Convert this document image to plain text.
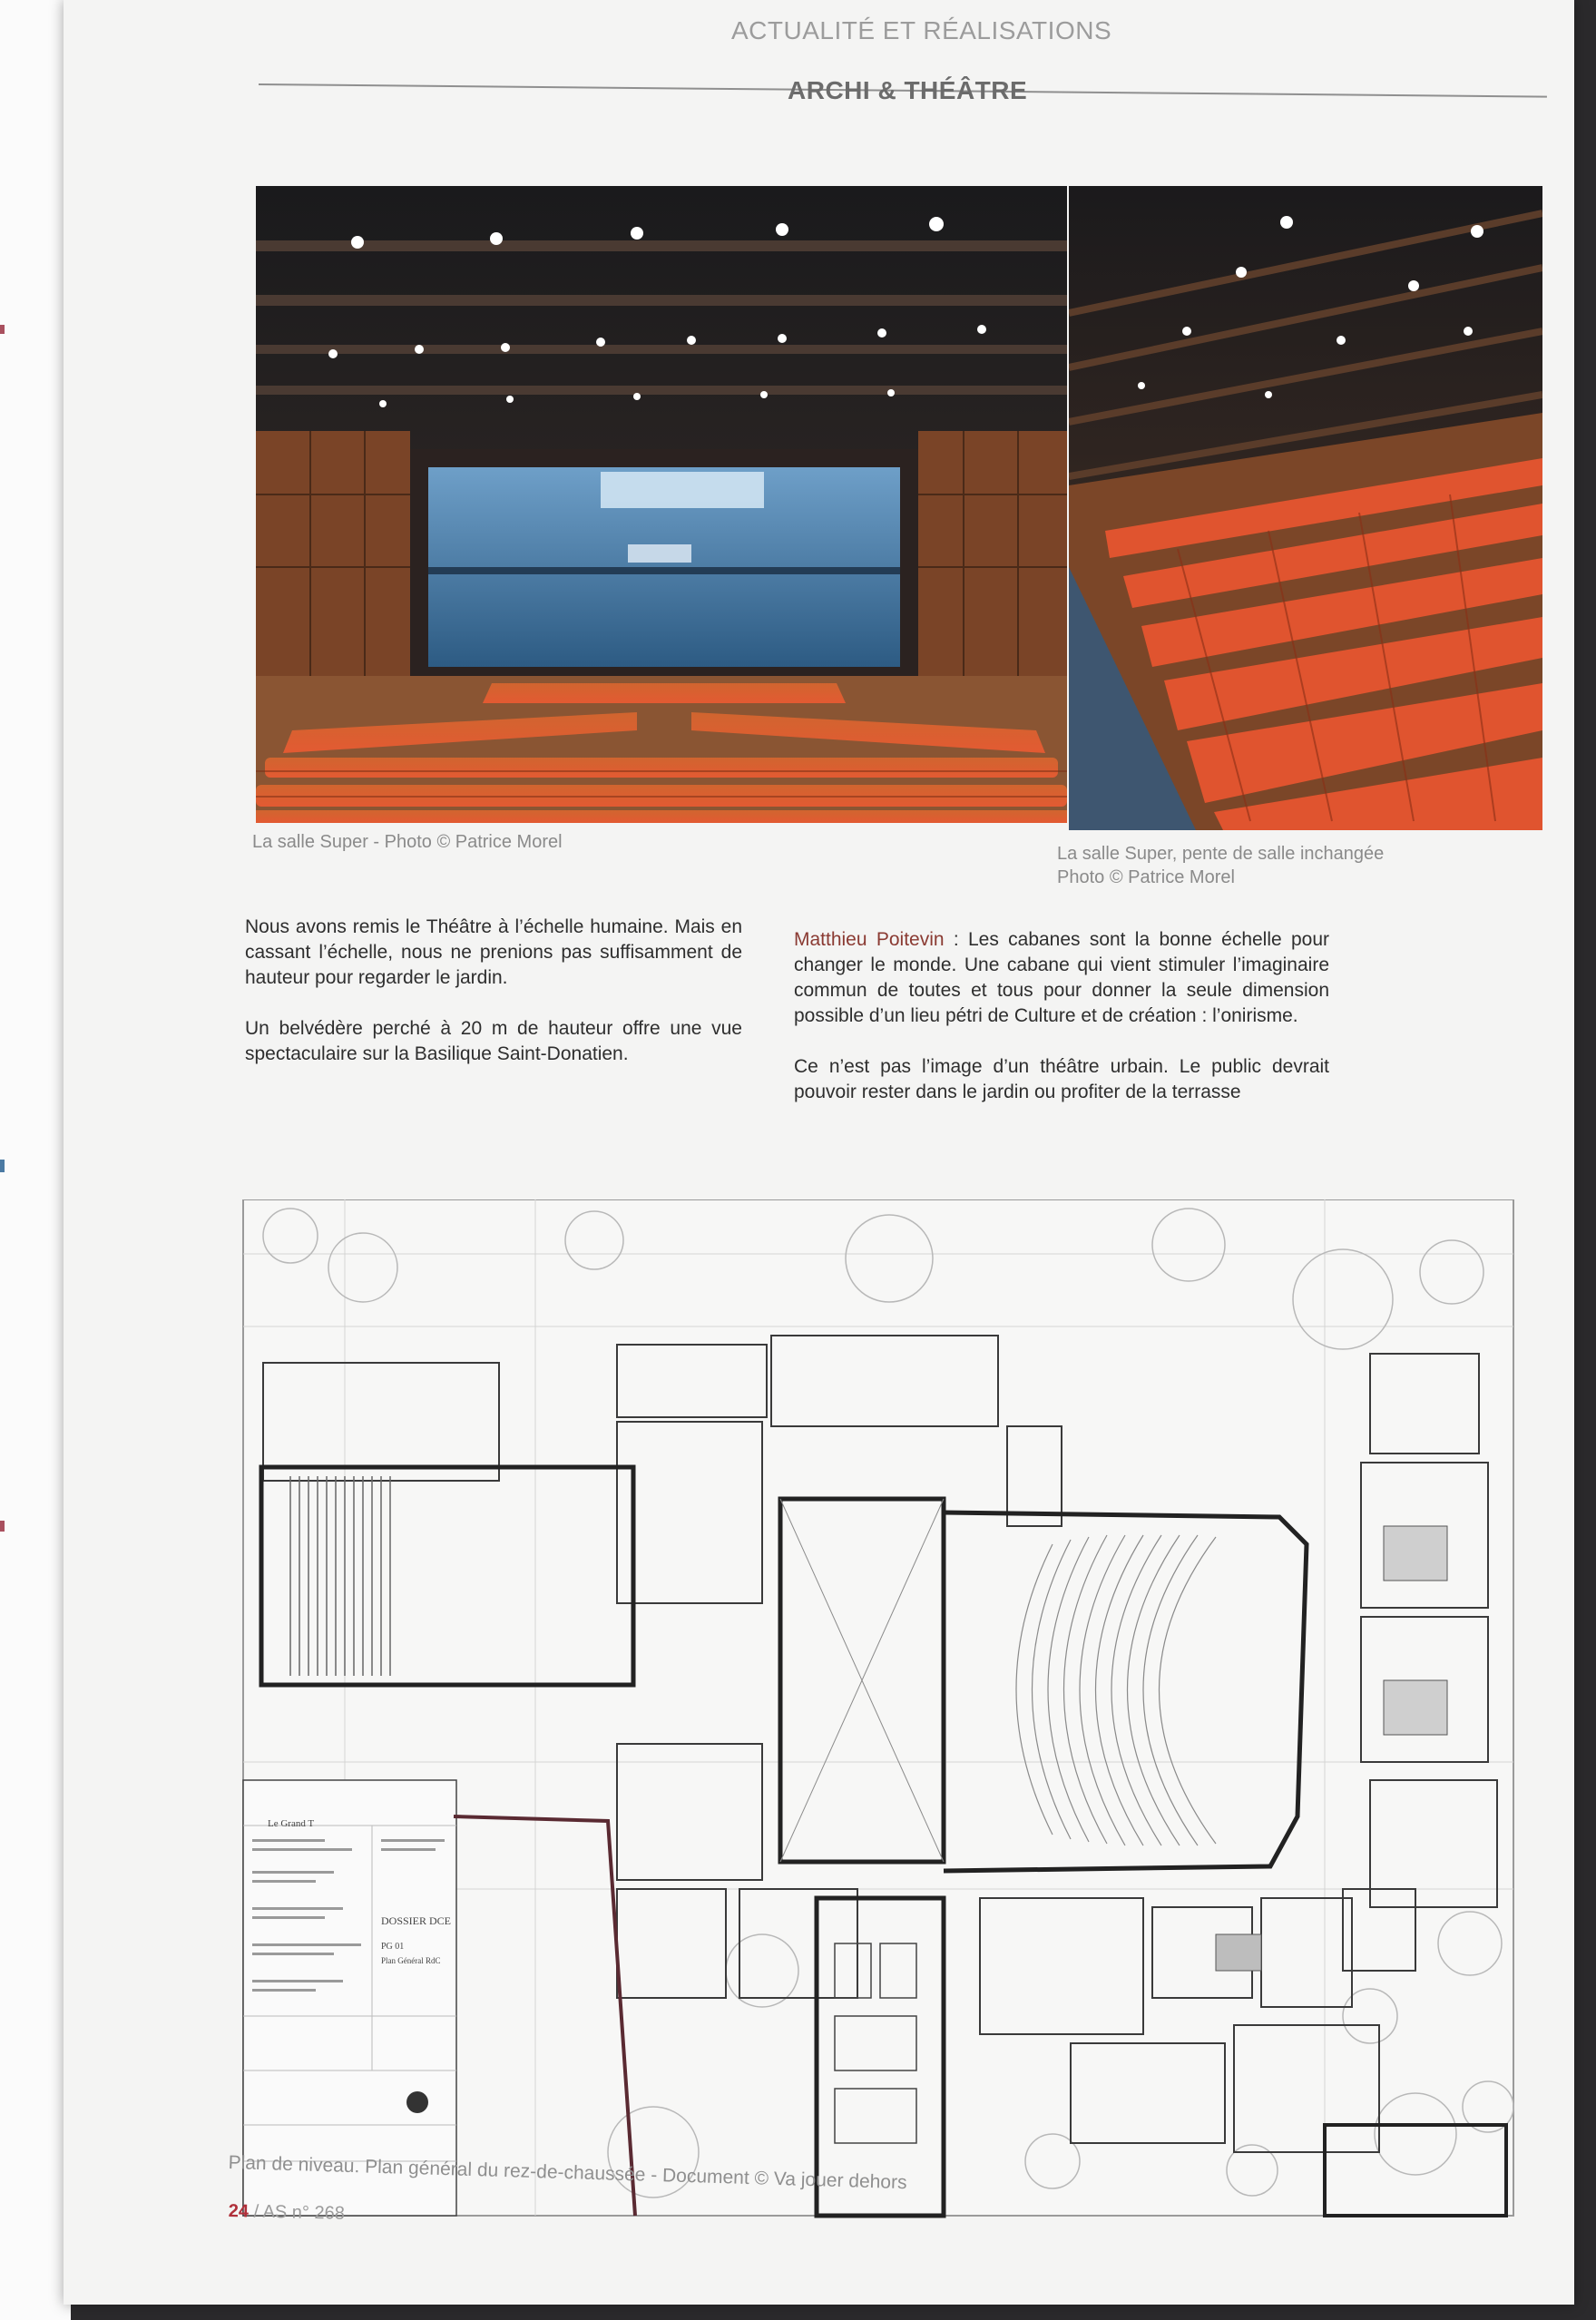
ACTUALITÉ ET RÉALISATIONS
ARCHI & THÉÂTRE
La salle Super - Photo © Patrice Morel
La salle Super, pente de salle inchangée
Photo © Patrice Morel

Nous avons remis le Théâtre à l’échelle humaine. Mais en cassant l’échelle, nous ne prenions pas suffisamment de hauteur pour regarder le jardin.

Un belvédère perché à 20 m de hauteur offre une vue spectaculaire sur la Basilique Saint-Donatien.

Matthieu Poitevin : Les cabanes sont la bonne échelle pour changer le monde. Une cabane qui vient stimuler l’imaginaire commun de toutes et tous pour donner la seule dimension possible d’un lieu pétri de Culture et de création : l’onirisme.

Ce n’est pas l’image d’un théâtre urbain. Le public devrait pouvoir rester dans le jardin ou profiter de la terrasse

Le Grand T
DOSSIER DCE
PG 01
Plan Général RdC
Plan de niveau. Plan général du rez-de-chaussée - Document © Va jouer dehors
24 / AS n° 268
